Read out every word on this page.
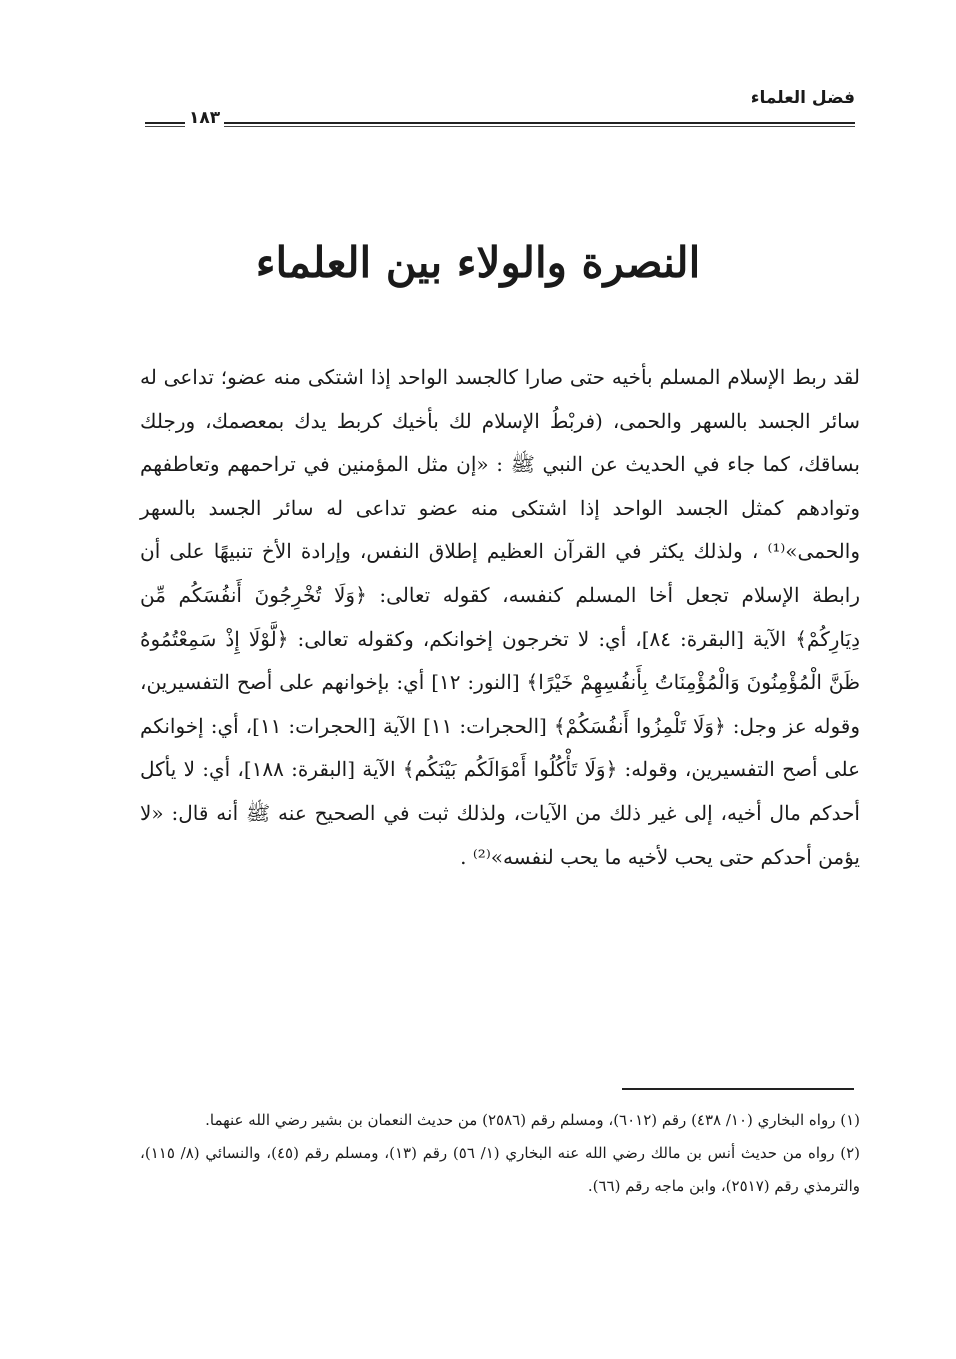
فضل العلماء
١٨٣
النصرة والولاء بين العلماء
لقد ربط الإسلام المسلم بأخيه حتى صارا كالجسد الواحد إذا اشتكى منه عضو؛ تداعى له سائر الجسد بالسهر والحمى، (فربْطُ الإسلام لك بأخيك كربط يدك بمعصمك، ورجلك بساقك، كما جاء في الحديث عن النبي ﷺ : «إن مثل المؤمنين في تراحمهم وتعاطفهم وتوادهم كمثل الجسد الواحد إذا اشتكى منه عضو تداعى له سائر الجسد بالسهر والحمى»⁽¹⁾ ، ولذلك يكثر في القرآن العظيم إطلاق النفس، وإرادة الأخ تنبيهًا على أن رابطة الإسلام تجعل أخا المسلم كنفسه، كقوله تعالى: ﴿وَلَا تُخْرِجُونَ أَنفُسَكُم مِّن دِيَارِكُمْ﴾ الآية [البقرة: ٨٤]، أي: لا تخرجون إخوانكم، وكقوله تعالى: ﴿لَّوْلَا إِذْ سَمِعْتُمُوهُ ظَنَّ الْمُؤْمِنُونَ وَالْمُؤْمِنَاتُ بِأَنفُسِهِمْ خَيْرًا﴾ [النور: ١٢] أي: بإخوانهم على أصح التفسيرين، وقوله عز وجل: ﴿وَلَا تَلْمِزُوا أَنفُسَكُمْ﴾ [الحجرات: ١١] الآية [الحجرات: ١١]، أي: إخوانكم على أصح التفسيرين، وقوله: ﴿وَلَا تَأْكُلُوا أَمْوَالَكُم بَيْنَكُم﴾ الآية [البقرة: ١٨٨]، أي: لا يأكل أحدكم مال أخيه، إلى غير ذلك من الآيات، ولذلك ثبت في الصحيح عنه ﷺ أنه قال: «لا يؤمن أحدكم حتى يحب لأخيه ما يحب لنفسه»⁽²⁾ .

(١) رواه البخاري (١٠/ ٤٣٨) رقم (٦٠١٢)، ومسلم رقم (٢٥٨٦) من حديث النعمان بن بشير رضي الله عنهما.

(٢) رواه من حديث أنس بن مالك رضي الله عنه البخاري (١/ ٥٦) رقم (١٣)، ومسلم رقم (٤٥)، والنسائي (٨/ ١١٥)، والترمذي رقم (٢٥١٧)، وابن ماجه رقم (٦٦).
